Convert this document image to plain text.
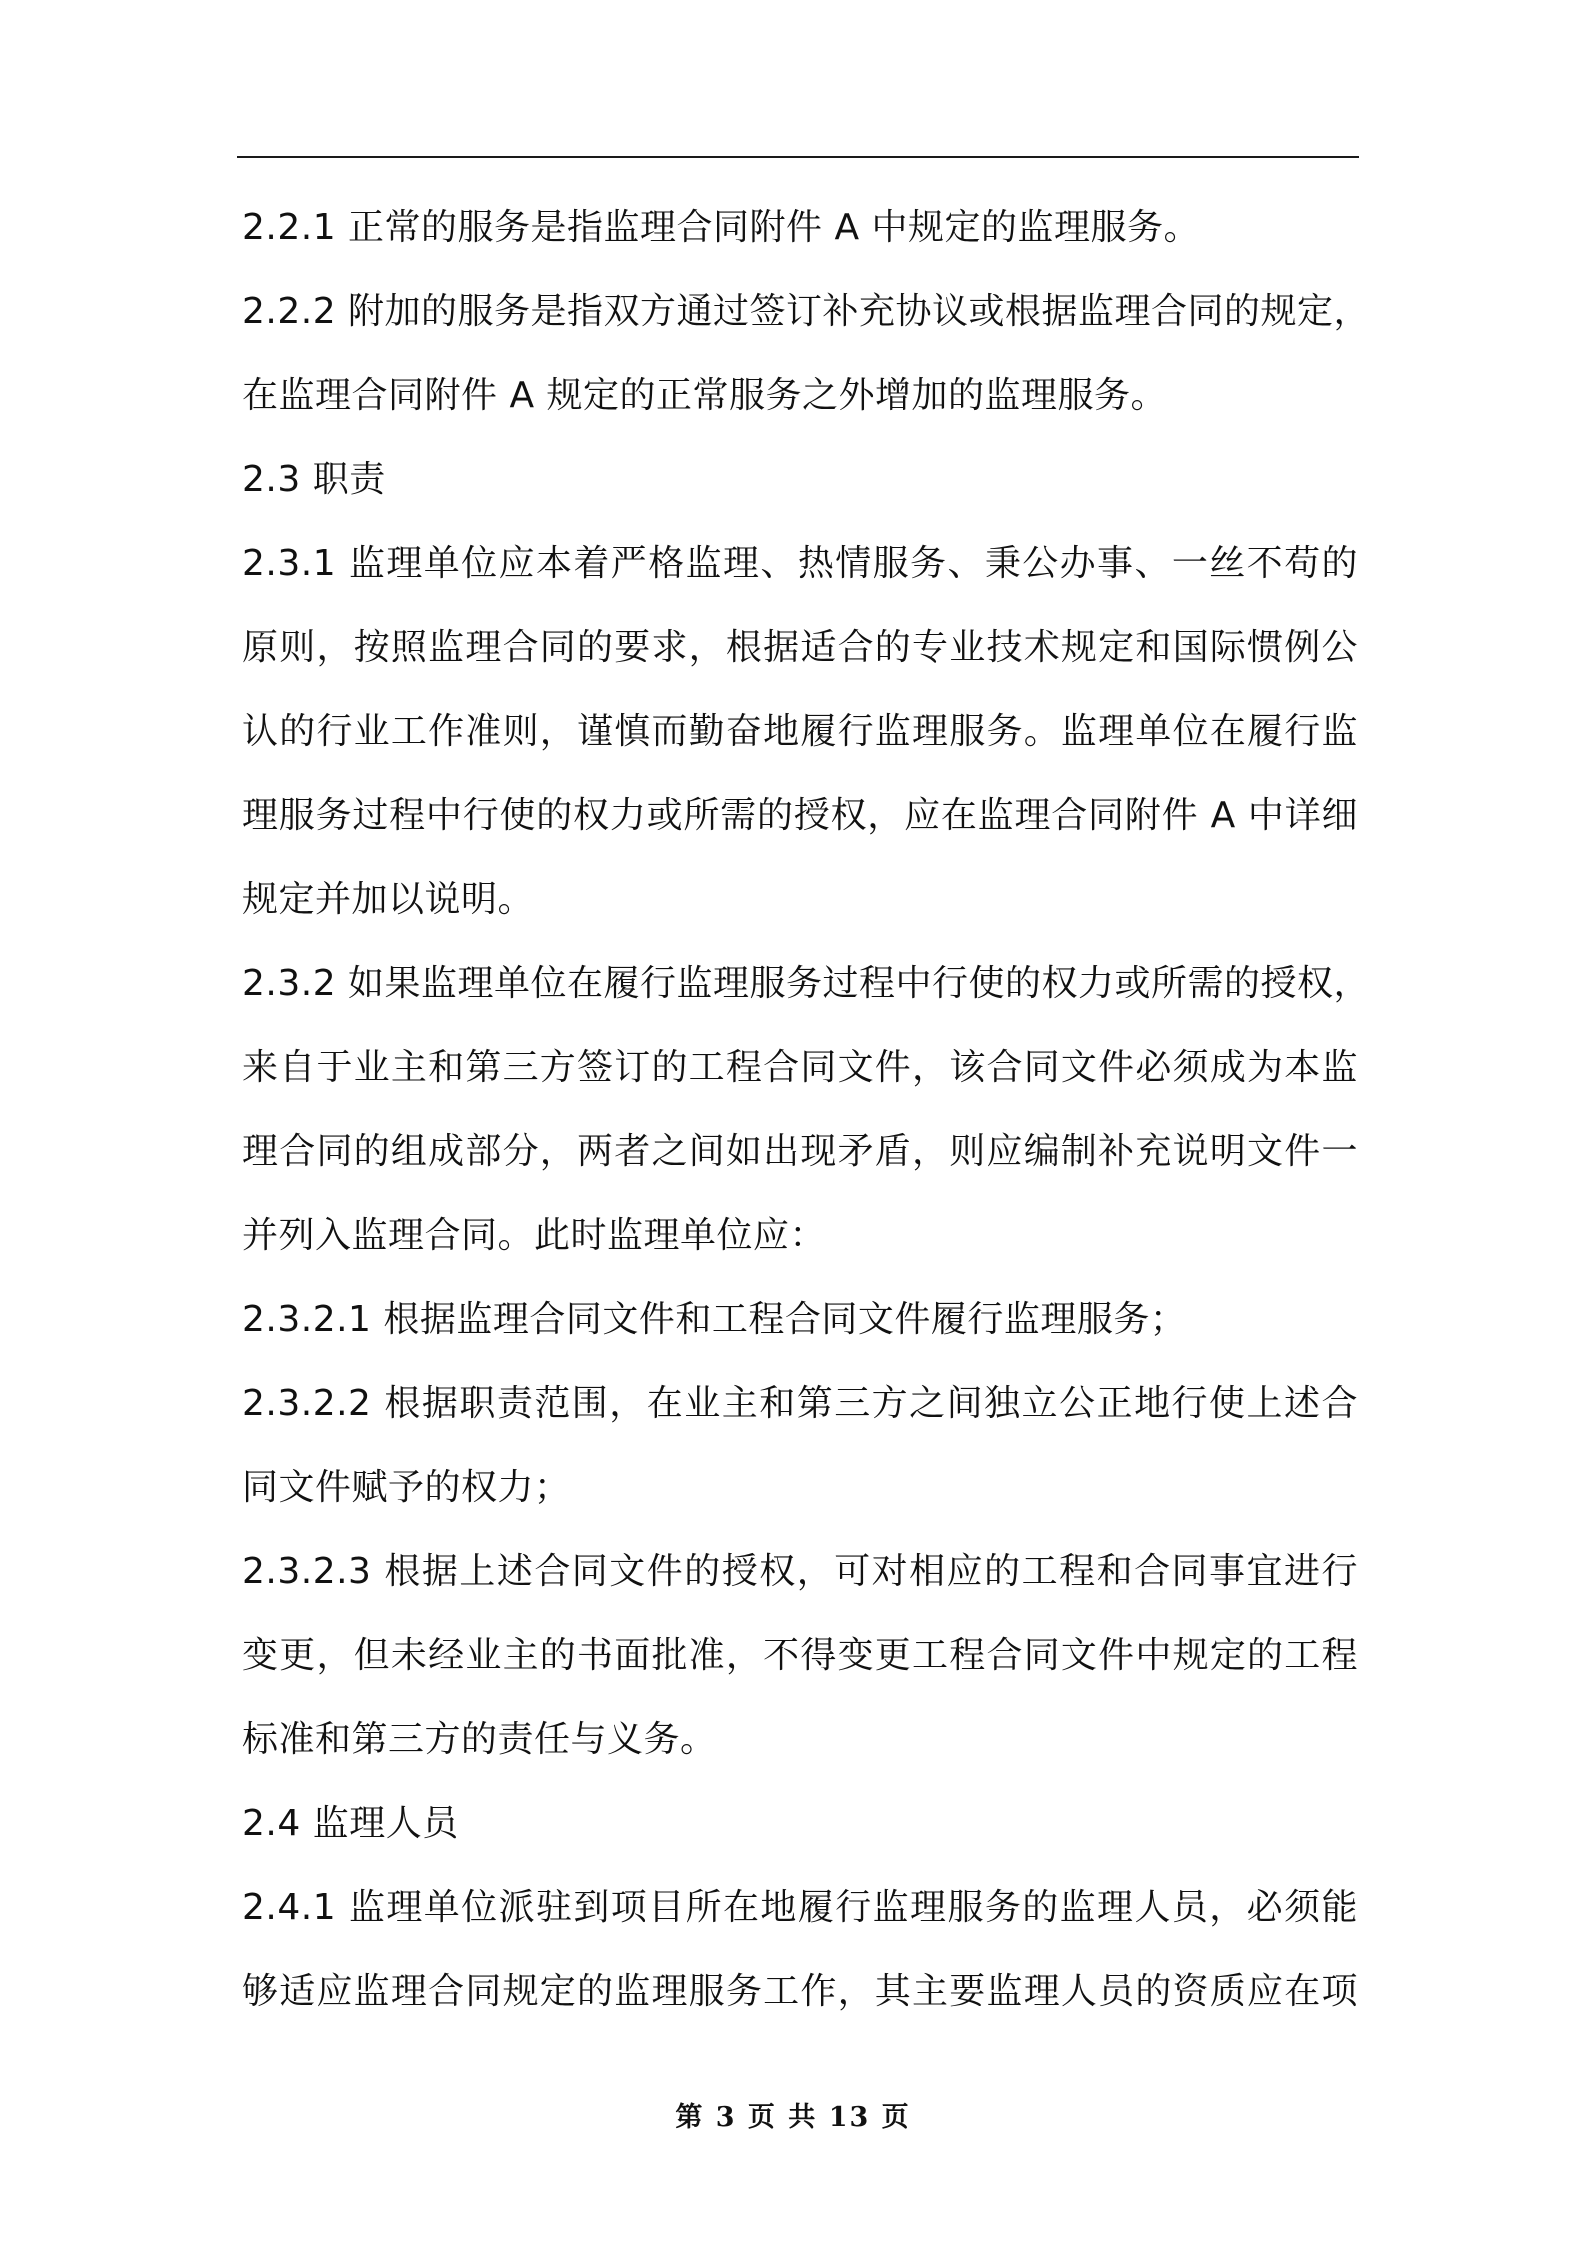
2.2.1 正常的服务是指监理合同附件 A 中规定的监理服务。
2.2.2 附加的服务是指双方通过签订补充协议或根据监理合同的规定，
在监理合同附件 A 规定的正常服务之外增加的监理服务。
2.3 职责
2.3.1 监理单位应本着严格监理、热情服务、秉公办事、一丝不苟的
原则，按照监理合同的要求，根据适合的专业技术规定和国际惯例公
认的行业工作准则，谨慎而勤奋地履行监理服务。监理单位在履行监
理服务过程中行使的权力或所需的授权，应在监理合同附件 A 中详细
规定并加以说明。
2.3.2 如果监理单位在履行监理服务过程中行使的权力或所需的授权，
来自于业主和第三方签订的工程合同文件，该合同文件必须成为本监
理合同的组成部分，两者之间如出现矛盾，则应编制补充说明文件一
并列入监理合同。此时监理单位应：
2.3.2.1 根据监理合同文件和工程合同文件履行监理服务；
2.3.2.2 根据职责范围，在业主和第三方之间独立公正地行使上述合
同文件赋予的权力；
2.3.2.3 根据上述合同文件的授权，可对相应的工程和合同事宜进行
变更，但未经业主的书面批准，不得变更工程合同文件中规定的工程
标准和第三方的责任与义务。
2.4 监理人员
2.4.1 监理单位派驻到项目所在地履行监理服务的监理人员，必须能
够适应监理合同规定的监理服务工作，其主要监理人员的资质应在项
第 3 页 共 13 页
